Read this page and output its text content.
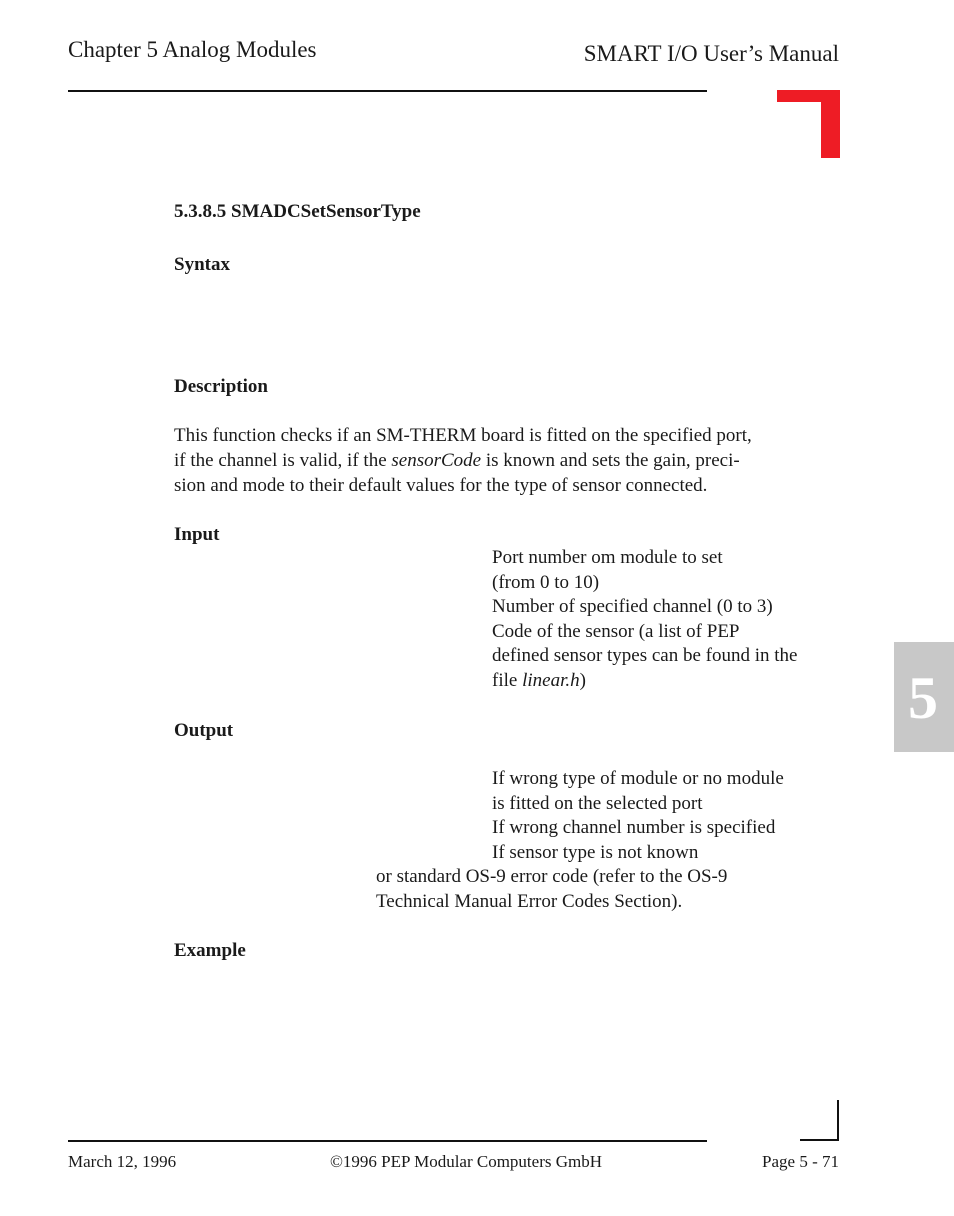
Chapter 5 Analog Modules	SMART I/O User’s Manual
5.3.8.5 SMADCSetSensorType
Syntax
Description
This function checks if an SM-THERM board is fitted on the specified port,
if the channel is valid, if the sensorCode is known and sets the gain, preci-
sion and mode to their default values for the type of sensor connected.
Input
Port number om module to set
(from 0 to 10)
Number of specified channel (0 to 3)
Code of the sensor (a list of PEP
defined sensor types can be found in the
file linear.h)
Output
If wrong type of module or no module
is fitted on the selected port
If wrong channel number is specified
If sensor type is not known
or standard OS-9 error code (refer to the OS-9
Technical Manual Error Codes Section).
Example
5
March 12, 1996	©1996 PEP Modular Computers GmbH	Page 5 - 71
